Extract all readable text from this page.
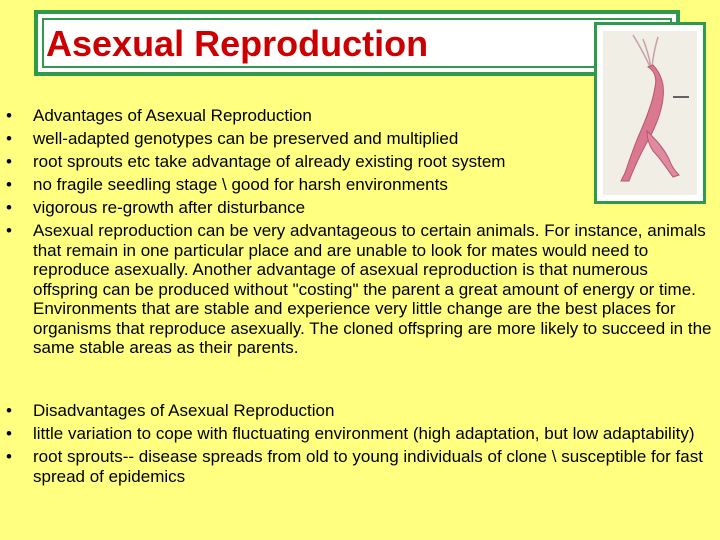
Asexual Reproduction
• Advantages of Asexual Reproduction
• well-adapted genotypes can be preserved and multiplied
• root sprouts etc take advantage of already existing root system
• no fragile seedling stage \ good for harsh environments
• vigorous re-growth after disturbance
• Asexual reproduction can be very advantageous to certain animals. For instance, animals that remain in one particular place and are unable to look for mates would need to reproduce asexually. Another advantage of asexual reproduction is that numerous offspring can be produced without "costing" the parent a great amount of energy or time. Environments that are stable and experience very little change are the best places for organisms that reproduce asexually. The cloned offspring are more likely to succeed in the same stable areas as their parents.
• Disadvantages of Asexual Reproduction
• little variation to cope with fluctuating environment (high adaptation, but low adaptability)
• root sprouts-- disease spreads from old to young individuals of clone \ susceptible for fast spread of epidemics
